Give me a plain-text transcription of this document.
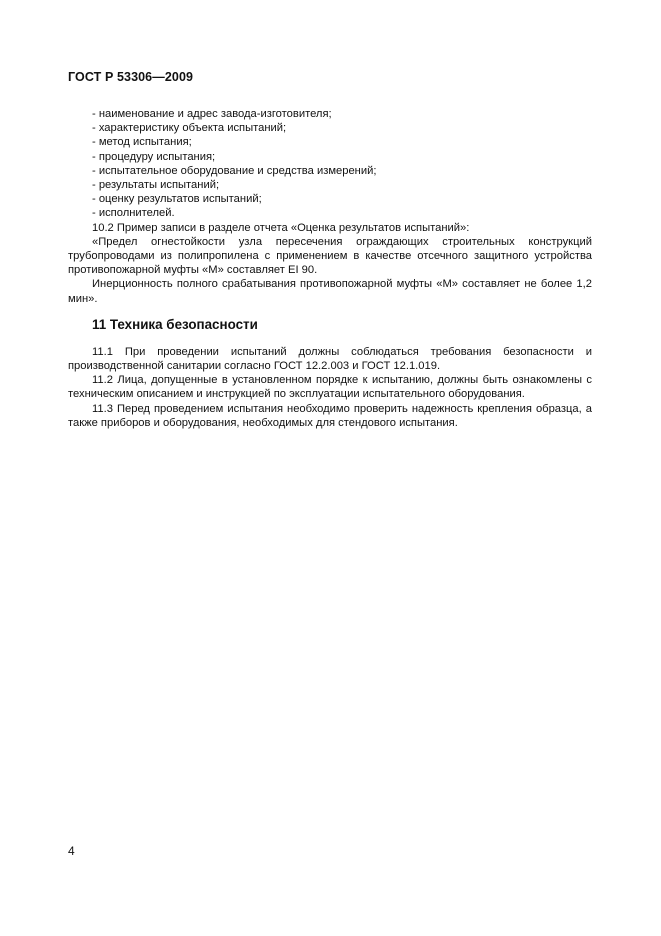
ГОСТ Р 53306—2009

- наименование и адрес завода-изготовителя;

- характеристику объекта испытаний;

- метод испытания;

- процедуру испытания;

- испытательное оборудование и средства измерений;

- результаты испытаний;

- оценку результатов испытаний;

- исполнителей.

10.2 Пример записи в разделе отчета «Оценка результатов испытаний»:

«Предел огнестойкости узла пересечения ограждающих строительных конструкций трубопроводами из полипропилена с применением в качестве отсечного защитного устройства противопожарной муфты «М» составляет EI 90.

Инерционность полного срабатывания противопожарной муфты «М» составляет не более 1,2 мин».

11 Техника безопасности

11.1 При проведении испытаний должны соблюдаться требования безопасности и производственной санитарии согласно ГОСТ 12.2.003 и ГОСТ 12.1.019.

11.2 Лица, допущенные в установленном порядке к испытанию, должны быть ознакомлены с техническим описанием и инструкцией по эксплуатации испытательного оборудования.

11.3 Перед проведением испытания необходимо проверить надежность крепления образца, а также приборов и оборудования, необходимых для стендового испытания.

4
